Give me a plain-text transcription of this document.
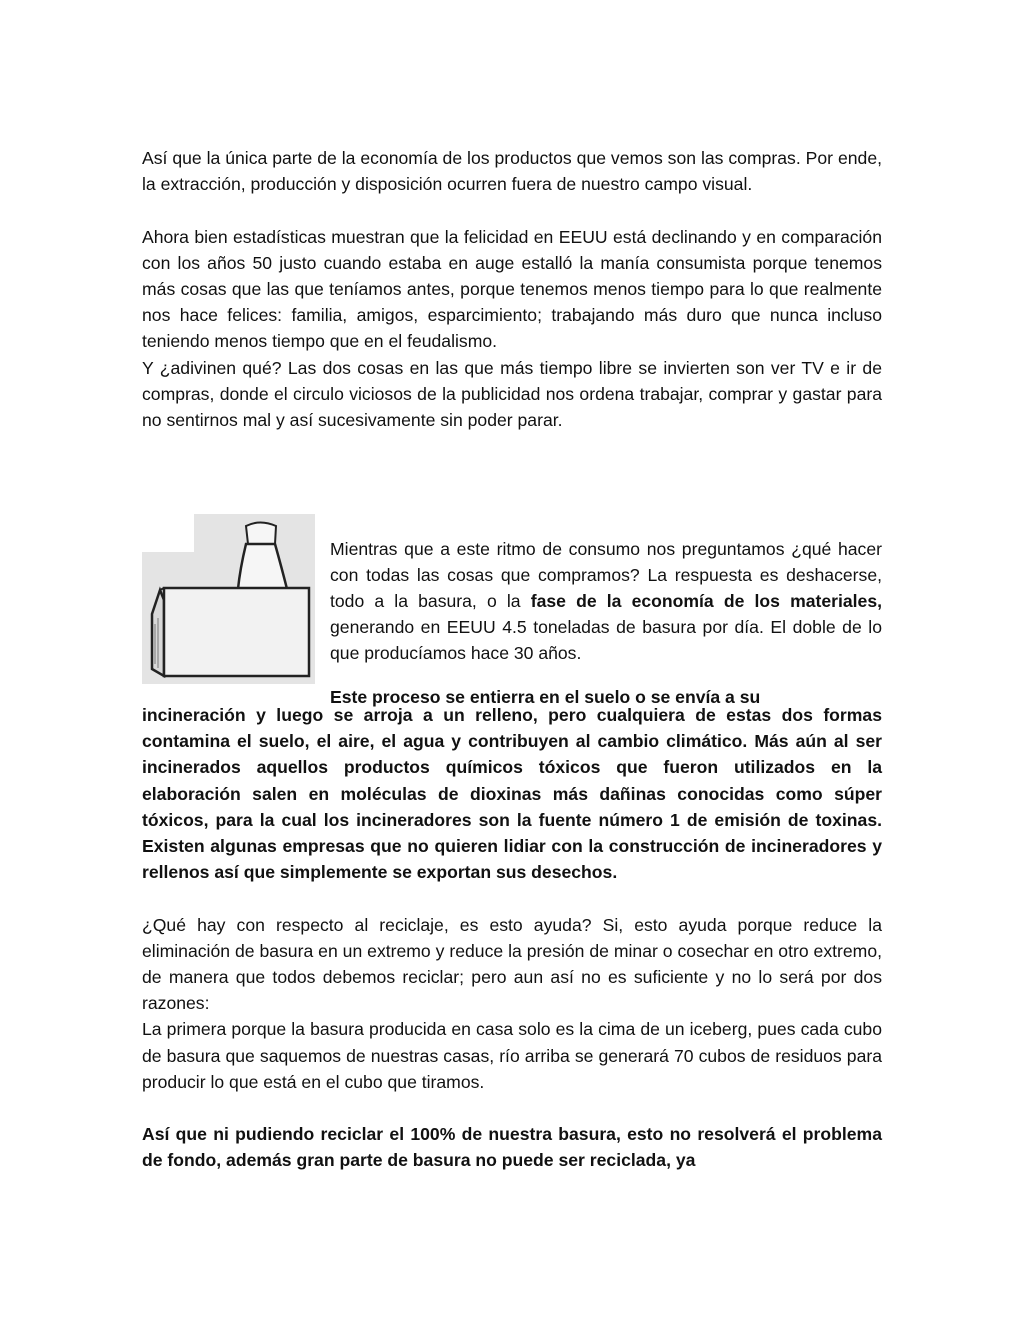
Así que la única parte de la economía de los productos que vemos son las compras. Por ende, la extracción, producción y disposición ocurren fuera de nuestro campo visual.

Ahora bien estadísticas muestran que la felicidad en EEUU está declinando y en comparación con los años 50 justo cuando estaba en auge estalló la manía consumista porque tenemos más cosas que las que teníamos antes, porque tenemos menos tiempo para lo que realmente nos hace felices: familia, amigos, esparcimiento; trabajando más duro que nunca incluso teniendo menos tiempo que en el feudalismo.

Y ¿adivinen qué? Las dos cosas en las que más tiempo libre se invierten son ver TV e ir de compras, donde el circulo viciosos de la publicidad nos ordena trabajar, comprar y gastar para no sentirnos mal y así sucesivamente sin poder parar.

Mientras que a este ritmo de consumo nos preguntamos ¿qué hacer con todas las cosas que compramos? La respuesta es deshacerse, todo a la basura, o la fase de la economía de los materiales, generando en EEUU 4.5 toneladas de basura por día. El doble de lo que producíamos hace 30 años.

Este proceso se entierra en el suelo o se envía a su

incineración y luego se arroja a un relleno, pero cualquiera de estas dos formas contamina el suelo, el aire, el agua y contribuyen al cambio climático. Más aún al ser incinerados aquellos productos químicos tóxicos que fueron utilizados en la elaboración salen en moléculas de dioxinas más dañinas conocidas como súper tóxicos, para la cual los incineradores son la fuente número 1 de emisión de toxinas. Existen algunas empresas que no quieren lidiar con la construcción de incineradores y rellenos así que simplemente se exportan sus desechos.

¿Qué hay con respecto al reciclaje, es esto ayuda? Si, esto ayuda porque reduce la eliminación de basura en un extremo y reduce la presión de minar o cosechar en otro extremo, de manera que todos debemos reciclar; pero aun así no es suficiente y no lo será por dos razones:

La primera porque la basura producida en casa solo es la cima de un iceberg, pues cada cubo de basura que saquemos de nuestras casas, río arriba se generará 70 cubos de residuos para producir lo que está en el cubo que tiramos.

Así que ni pudiendo reciclar el 100% de nuestra basura, esto no resolverá el problema de fondo, además gran parte de basura no puede ser reciclada, ya
